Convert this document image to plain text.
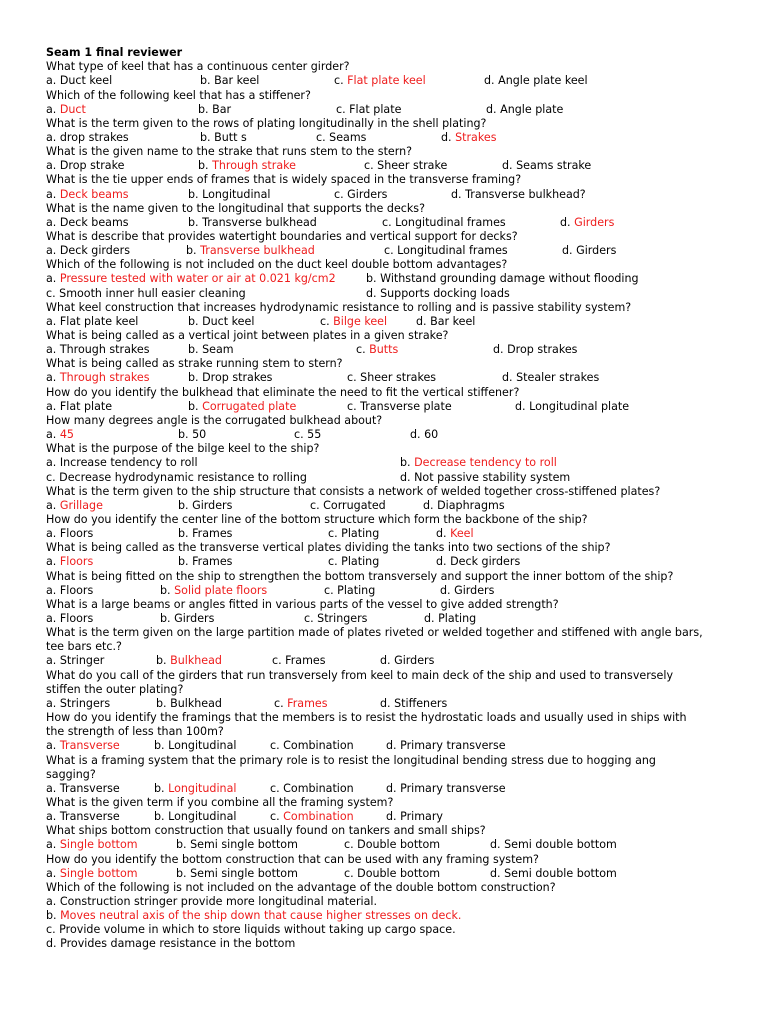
Seam 1 final reviewer
What type of keel that has a continuous center girder?
a. Duct keel	b. Bar keel	c. Flat plate keel	d. Angle plate keel
Which of the following keel that has a stiffener?
a. Duct	b. Bar	c. Flat plate	d. Angle plate
What is the term given to the rows of plating longitudinally in the shell plating?
a. drop strakes	b. Butt s	c. Seams	d. Strakes
What is the given name to the strake that runs stem to the stern?
a. Drop strake	b. Through strake	c. Sheer strake	d. Seams strake
What is the tie upper ends of frames that is widely spaced in the transverse framing?
a. Deck beams	b. Longitudinal	c. Girders	d. Transverse bulkhead?
What is the name given to the longitudinal that supports the decks?
a. Deck beams	b. Transverse bulkhead	c. Longitudinal frames	d. Girders
What is describe that provides watertight boundaries and vertical support for decks?
a. Deck girders	b. Transverse bulkhead	c. Longitudinal frames	d. Girders
Which of the following is not included on the duct keel double bottom advantages?
a. Pressure tested with water or air at 0.021 kg/cm2	b. Withstand grounding damage without flooding
c. Smooth inner hull easier cleaning	d. Supports docking loads
What keel construction that increases hydrodynamic resistance to rolling and is passive stability system?
a. Flat plate keel	b. Duct keel	c. Bilge keel	d. Bar keel
What is being called as a vertical joint between plates in a given strake?
a. Through strakes	b. Seam	c. Butts	d. Drop strakes
What is being called as strake running stem to stern?
a. Through strakes	b. Drop strakes	c. Sheer strakes	d. Stealer strakes
How do you identify the bulkhead that eliminate the need to fit the vertical stiffener?
a. Flat plate	b. Corrugated plate	c. Transverse plate	d. Longitudinal plate
How many degrees angle is the corrugated bulkhead about?
a. 45	b. 50	c. 55	d. 60
What is the purpose of the bilge keel to the ship?
a. Increase tendency to roll	b. Decrease tendency to roll
c. Decrease hydrodynamic resistance to rolling	d. Not passive stability system
What is the term given to the ship structure that consists a network of welded together cross-stiffened plates?
a. Grillage	b. Girders	c. Corrugated	d. Diaphragms
How do you identify the center line of the bottom structure which form the backbone of the ship?
a. Floors	b. Frames	c. Plating	d. Keel
What is being called as the transverse vertical plates dividing the tanks into two sections of the ship?
a. Floors	b. Frames	c. Plating	d. Deck girders
What is being fitted on the ship to strengthen the bottom transversely and support the inner bottom of the ship?
a. Floors	b. Solid plate floors	c. Plating	d. Girders
What is a large beams or angles fitted in various parts of the vessel to give added strength?
a. Floors	b. Girders	c. Stringers	d. Plating
What is the term given on the large partition made of plates riveted or welded together and stiffened with angle bars,
tee bars etc.?
a. Stringer	b. Bulkhead	c. Frames	d. Girders
What do you call of the girders that run transversely from keel to main deck of the ship and used to transversely
stiffen the outer plating?
a. Stringers	b. Bulkhead	c. Frames	d. Stiffeners
How do you identify the framings that the members is to resist the hydrostatic loads and usually used in ships with
the strength of less than 100m?
a. Transverse	b. Longitudinal	c. Combination	d. Primary transverse
What is a framing system that the primary role is to resist the longitudinal bending stress due to hogging ang
sagging?
a. Transverse	b. Longitudinal	c. Combination	d. Primary transverse
What is the given term if you combine all the framing system?
a. Transverse	b. Longitudinal	c. Combination	d. Primary
What ships bottom construction that usually found on tankers and small ships?
a. Single bottom	b. Semi single bottom	c. Double bottom	d. Semi double bottom
How do you identify the bottom construction that can be used with any framing system?
a. Single bottom	b. Semi single bottom	c. Double bottom	d. Semi double bottom
Which of the following is not included on the advantage of the double bottom construction?
a. Construction stringer provide more longitudinal material.
b. Moves neutral axis of the ship down that cause higher stresses on deck.
c. Provide volume in which to store liquids without taking up cargo space.
d. Provides damage resistance in the bottom
